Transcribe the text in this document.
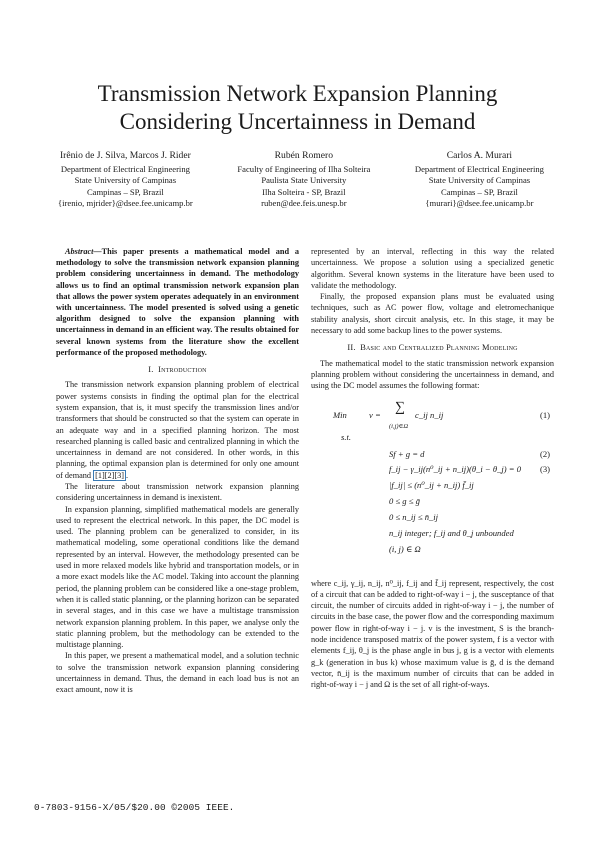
Transmission Network Expansion Planning
Considering Uncertainness in Demand
Irênio de J. Silva, Marcos J. Rider
Department of Electrical Engineering
State University of Campinas
Campinas – SP, Brazil
{irenio, mjrider}@dsee.fee.unicamp.br
Rubén Romero
Faculty of Engineering of Ilha Solteira
Paulista State University
Ilha Solteira - SP, Brazil
ruben@dee.feis.unesp.br
Carlos A. Murari
Department of Electrical Engineering
State University of Campinas
Campinas – SP, Brazil
{murari}@dsee.fee.unicamp.br

Abstract—This paper presents a mathematical model and a methodology to solve the transmission network expansion planning problem considering uncertainness in demand. The methodology allows us to find an optimal transmission network expansion plan that allows the power system operates adequately in an environment with uncertainness. The model presented is solved using a genetic algorithm designed to solve the expansion planning with uncertainness in demand in an efficient way. The results obtained for several known systems from the literature show the excellent performance of the proposed methodology.

I. Introduction

The transmission network expansion planning problem of electrical power systems consists in finding the optimal plan for the electrical system expansion, that is, it must specify the transmission lines and/or transformers that should be constructed so that the system can operate in an adequate way and in a specified planning horizon. The most researched planning is called basic and centralized planning in which the uncertainness in demand are not considered. In other words, in this planning, the optimal expansion plan is determined for only one amount of demand [1][2][3] .

The literature about transmission network expansion planning considering uncertainness in demand is inexistent.

In expansion planning, simplified mathematical models are generally used to represent the electrical network. In this paper, the DC model is used. The planning problem can be generalized to consider, in its mathematical modeling, some operational conditions like the demand represented by an interval. However, the methodology presented can be used in more relaxed models like hybrid and transportation models, or in a more exact models like the AC model. Taking into account the planning period, the planning problem can be considered like a one-stage problem, when it is called static planning, or the planning horizon can be separated in several stages, and in this case we have a multistage transmission network expansion planning problem. In this paper, we analyse only the static planning problem, but the methodology can be extended to the multistage planning.

In this paper, we present a mathematical model, and a solution technic to solve the transmission network expansion planning considering uncertainness in demand. Thus, the demand in each load bus is not an exact amount, now it is

represented by an interval, reflecting in this way the related uncertainness. We propose a solution using a specialized genetic algorithm. Several known systems in the literature have been used to validate the methodology.

Finally, the proposed expansion plans must be evaluated using techniques, such as AC power flow, voltage and eletromechanique stability analysis, short circuit analysis, etc. In this stage, it may be necessary to add some backup lines to the power systems.

II. Basic and Centralized Planning Modeling

The mathematical model to the static transmission network expansion planning problem without considering the uncertainness in demand, and using the DC model assumes the following format:

Min	v = ∑
(i,j)∈Ω
c_ij n_ij	(1)
s.t.
Sf + g = d	(2)
f_ij − γ_ij(n⁰_ij + n_ij)(θ_i − θ_j) = 0 (3)
|f_ij| ≤ (n⁰_ij + n_ij) f̄_ij
0 ≤ g ≤ ḡ
0 ≤ n_ij ≤ n̄_ij
n_ij integer; f_ij and θ_j unbounded
(i, j) ∈ Ω

where c_ij, γ_ij, n_ij, n⁰_ij, f_ij and f̄_ij represent, respectively, the cost of a circuit that can be added to right-of-way i − j, the susceptance of that circuit, the number of circuits added in right-of-way i − j, the number of circuits in the base case, the power flow and the corresponding maximum power flow in right-of-way i − j. v is the investment, S is the branch-node incidence transposed matrix of the power system, f is a vector with elements f_ij, θ_j is the phase angle in bus j, g is a vector with elements g_k (generation in bus k) whose maximum value is ḡ, d is the demand vector, n̄_ij is the maximum number of circuits that can be added in right-of-way i − j and Ω is the set of all right-of-ways.

0-7803-9156-X/05/$20.00 ©2005 IEEE.
